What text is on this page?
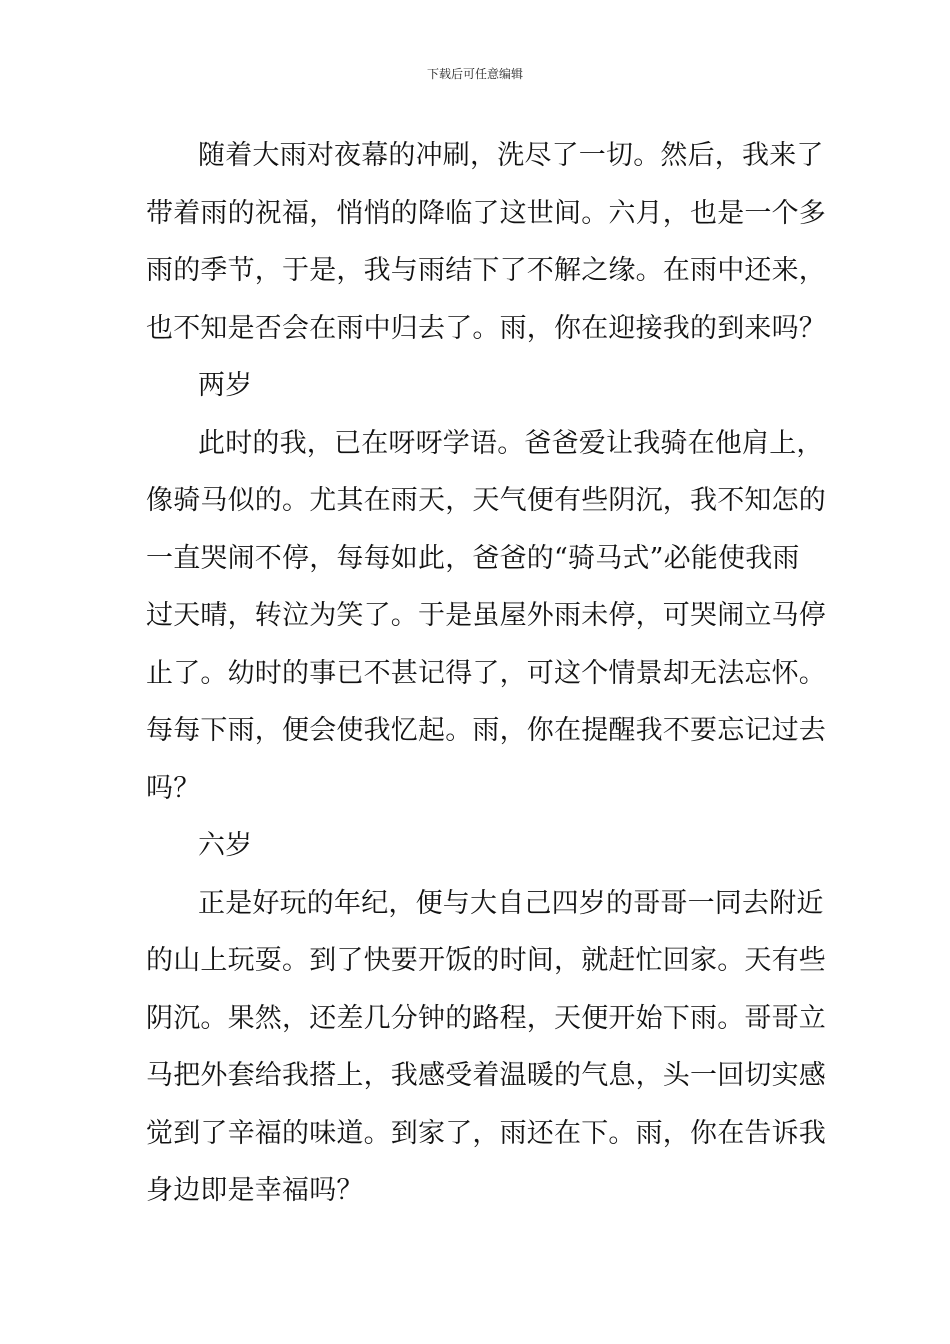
下载后可任意编辑
随着大雨对夜幕的冲刷，洗尽了一切。然后，我来了
带着雨的祝福，悄悄的降临了这世间。六月，也是一个多
雨的季节，于是，我与雨结下了不解之缘。在雨中还来，
也不知是否会在雨中归去了。雨，你在迎接我的到来吗？
两岁
此时的我，已在呀呀学语。爸爸爱让我骑在他肩上，
像骑马似的。尤其在雨天，天气便有些阴沉，我不知怎的
一直哭闹不停，每每如此，爸爸的“骑马式”必能使我雨
过天晴，转泣为笑了。于是虽屋外雨未停，可哭闹立马停
止了。幼时的事已不甚记得了，可这个情景却无法忘怀。
每每下雨，便会使我忆起。雨，你在提醒我不要忘记过去
吗？
六岁
正是好玩的年纪，便与大自己四岁的哥哥一同去附近
的山上玩耍。到了快要开饭的时间，就赶忙回家。天有些
阴沉。果然，还差几分钟的路程，天便开始下雨。哥哥立
马把外套给我搭上，我感受着温暖的气息，头一回切实感
觉到了辛福的味道。到家了，雨还在下。雨，你在告诉我
身边即是幸福吗？
